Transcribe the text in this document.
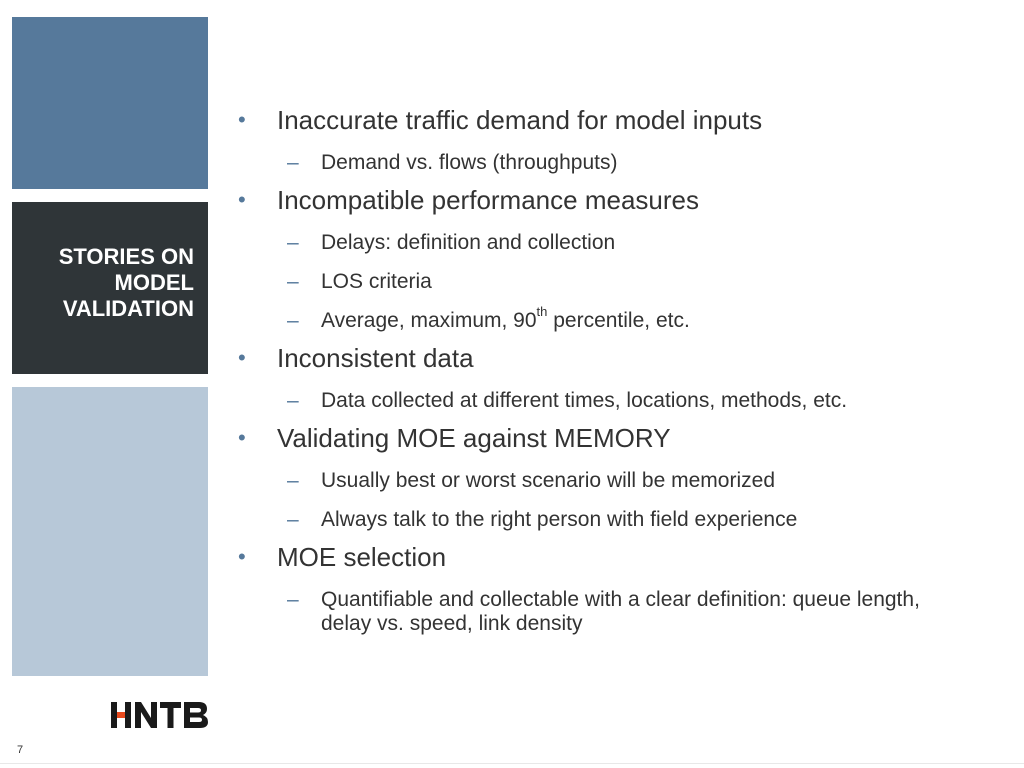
STORIES ON MODEL VALIDATION
• Inaccurate traffic demand for model inputs
– Demand vs. flows (throughputs)
• Incompatible performance measures
– Delays: definition and collection
– LOS criteria
– Average, maximum, 90th percentile, etc.
• Inconsistent data
– Data collected at different times, locations, methods, etc.
• Validating MOE against MEMORY
– Usually best or worst scenario will be memorized
– Always talk to the right person with field experience
• MOE selection
– Quantifiable and collectable with a clear definition: queue length, delay vs. speed, link density
7
